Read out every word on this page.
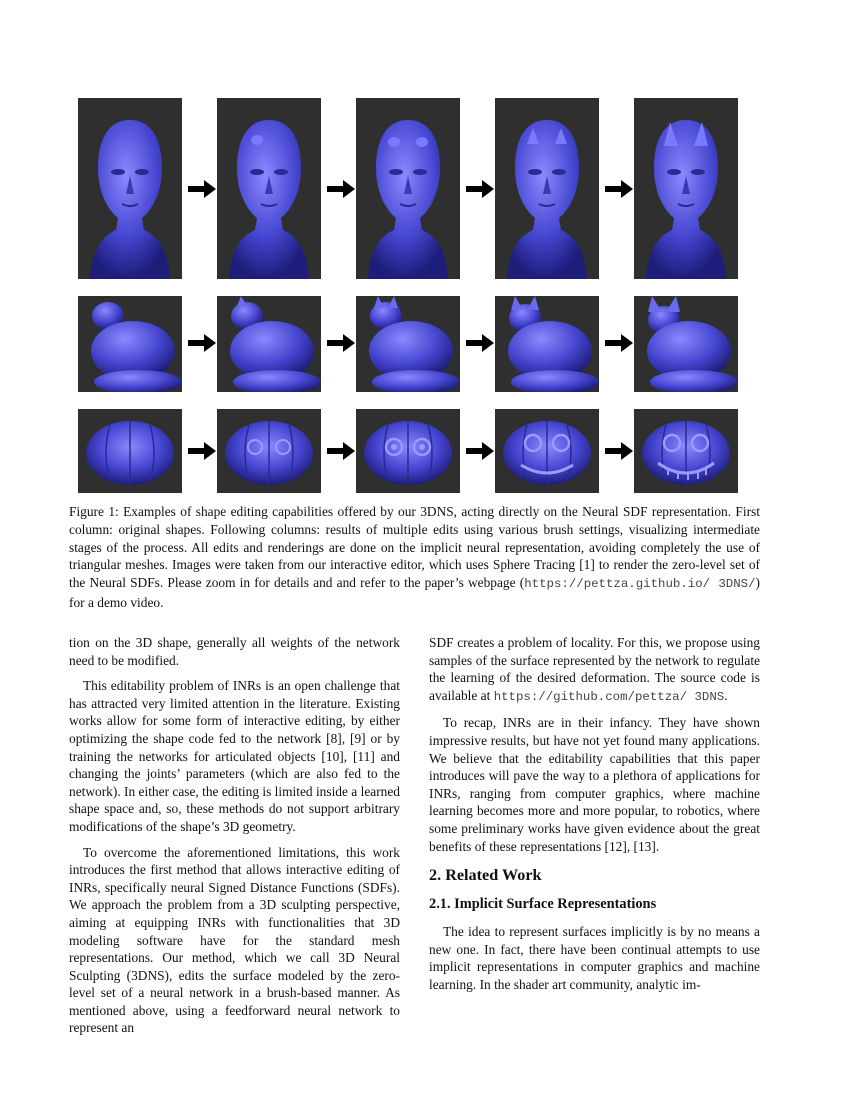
Figure 1: Examples of shape editing capabilities offered by our 3DNS, acting directly on the Neural SDF representation. First column: original shapes. Following columns: results of multiple edits using various brush settings, visualizing intermediate stages of the process. All edits and renderings are done on the implicit neural representation, avoiding completely the use of triangular meshes. Images were taken from our interactive editor, which uses Sphere Tracing [1] to render the zero-level set of the Neural SDFs. Please zoom in for details and and refer to the paper’s webpage (https://pettza.github.io/ 3DNS/) for a demo video.

tion on the 3D shape, generally all weights of the network need to be modified.

This editability problem of INRs is an open challenge that has attracted very limited attention in the literature. Existing works allow for some form of interactive editing, by either optimizing the shape code fed to the network [8], [9] or by training the networks for articulated objects [10], [11] and changing the joints’ parameters (which are also fed to the network). In either case, the editing is limited inside a learned shape space and, so, these methods do not support arbitrary modifications of the shape’s 3D geometry.

To overcome the aforementioned limitations, this work introduces the first method that allows interactive editing of INRs, specifically neural Signed Distance Functions (SDFs). We approach the problem from a 3D sculpting perspective, aiming at equipping INRs with functionalities that 3D modeling software have for the standard mesh representations. Our method, which we call 3D Neural Sculpting (3DNS), edits the surface modeled by the zero-level set of a neural network in a brush-based manner. As mentioned above, using a feedforward neural network to represent an

SDF creates a problem of locality. For this, we propose using samples of the surface represented by the network to regulate the learning of the desired deformation. The source code is available at https://github.com/pettza/ 3DNS.

To recap, INRs are in their infancy. They have shown impressive results, but have not yet found many applications. We believe that the editability capabilities that this paper introduces will pave the way to a plethora of applications for INRs, ranging from computer graphics, where machine learning becomes more and more popular, to robotics, where some preliminary works have given evidence about the great benefits of these representations [12], [13].

2. Related Work
2.1. Implicit Surface Representations

The idea to represent surfaces implicitly is by no means a new one. In fact, there have been continual attempts to use implicit representations in computer graphics and machine learning. In the shader art community, analytic im-
